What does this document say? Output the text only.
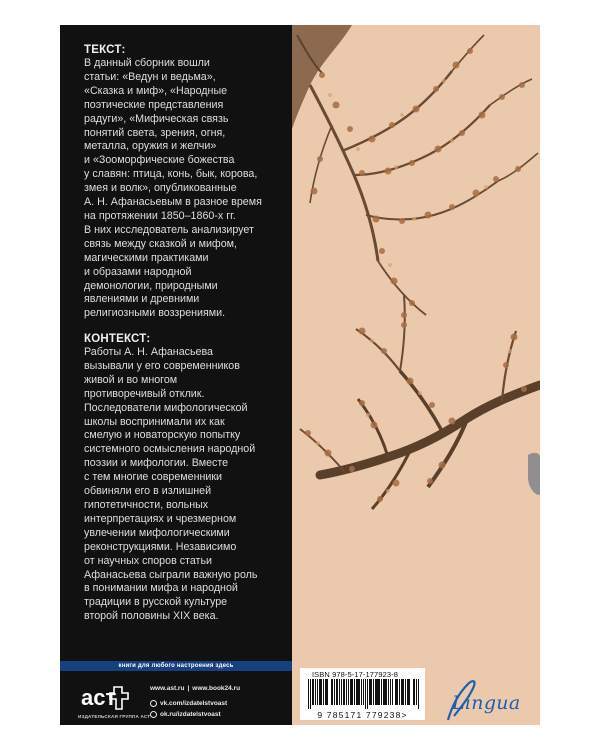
ТЕКСТ:
В данный сборник вошли
статьи: «Ведун и ведьма»,
«Сказка и миф», «Народные
поэтические представления
радуги», «Мифическая связь
понятий света, зрения, огня,
металла, оружия и желчи»
и «Зооморфические божества
у славян: птица, конь, бык, корова,
змея и волк», опубликованные
А. Н. Афанасьевым в разное время
на протяжении 1850–1860-х гг.
В них исследователь анализирует
связь между сказкой и мифом,
магическими практиками
и образами народной
демонологии, природными
явлениями и древними
религиозными воззрениями.
КОНТЕКСТ:
Работы А. Н. Афанасьева
вызывали у его современников
живой и во многом
противоречивый отклик.
Последователи мифологической
школы воспринимали их как
смелую и новаторскую попытку
системного осмысления народной
поэзии и мифологии. Вместе
с тем многие современники
обвиняли его в излишней
гипотетичности, вольных
интерпретациях и чрезмерном
увлечении мифологическими
реконструкциями. Независимо
от научных споров статьи
Афанасьева сыграли важную роль
в понимании мифа и народной
традиции в русской культуре
второй половины XIX века.
книги для любого настроения здесь
аст
ИЗДАТЕЛЬСКАЯ ГРУППА АСТ
www.ast.ru | www.book24.ru
vk.com/izdatelstvoast
ok.ru/izdatelstvoast
ISBN 978-5-17-177923-8
9 785171 779238>
Lingua
